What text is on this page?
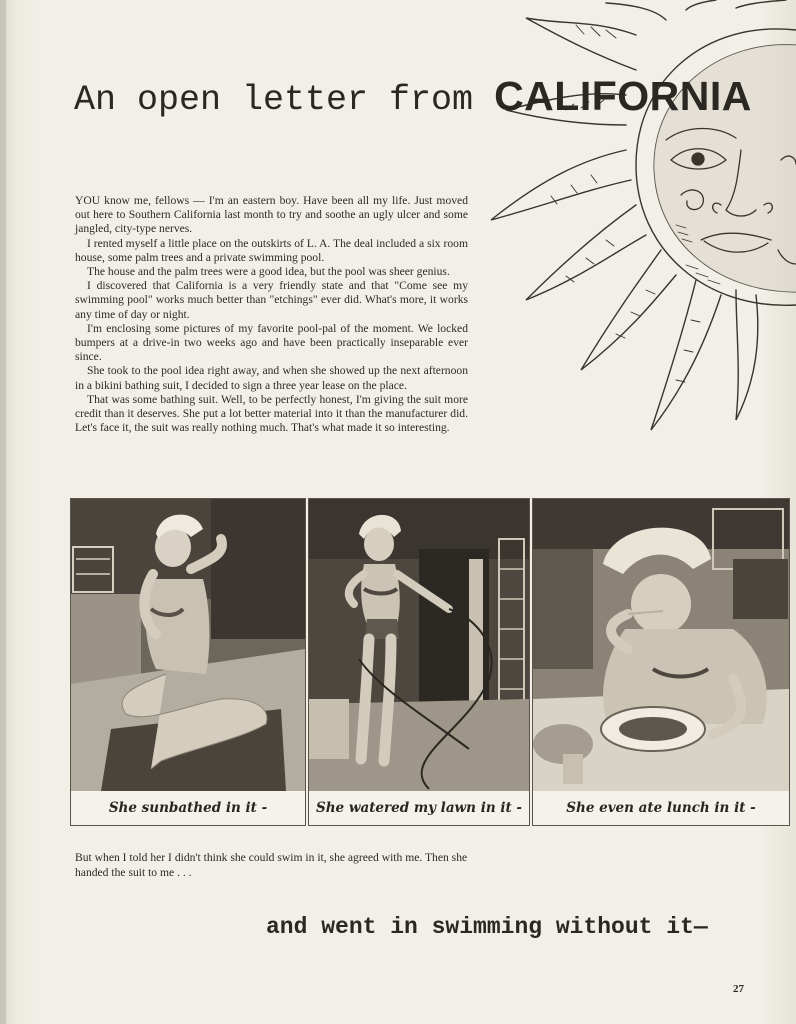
An open letter from CALIFORNIA

YOU know me, fellows — I'm an eastern boy. Have been all my life. Just moved out here to Southern California last month to try and soothe an ugly ulcer and some jangled, city-type nerves.

I rented myself a little place on the outskirts of L. A. The deal included a six room house, some palm trees and a private swimming pool.

The house and the palm trees were a good idea, but the pool was sheer genius.

I discovered that California is a very friendly state and that "Come see my swimming pool" works much better than "etchings" ever did. What's more, it works any time of day or night.

I'm enclosing some pictures of my favorite pool-pal of the moment. We locked bumpers at a drive-in two weeks ago and have been practically inseparable ever since.

She took to the pool idea right away, and when she showed up the next afternoon in a bikini bathing suit, I decided to sign a three year lease on the place.

That was some bathing suit. Well, to be perfectly honest, I'm giving the suit more credit than it deserves. She put a lot better material into it than the manufacturer did. Let's face it, the suit was really nothing much. That's what made it so interesting.

She sunbathed in it -	She watered my lawn in it -	She even ate lunch in it -
But when I told her I didn't think she could swim in it, she agreed with me. Then she handed the suit to me . . .
and went in swimming without it—
27
